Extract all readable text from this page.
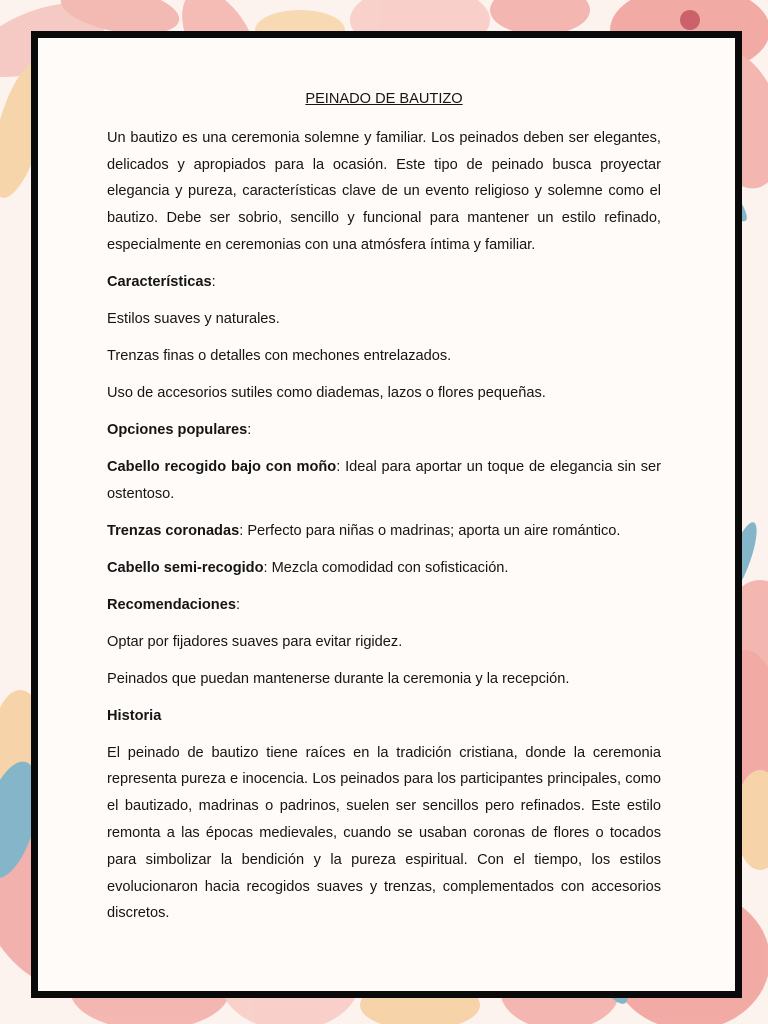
PEINADO DE BAUTIZO

Un bautizo es una ceremonia solemne y familiar. Los peinados deben ser elegantes, delicados y apropiados para la ocasión. Este tipo de peinado busca proyectar elegancia y pureza, características clave de un evento religioso y solemne como el bautizo. Debe ser sobrio, sencillo y funcional para mantener un estilo refinado, especialmente en ceremonias con una atmósfera íntima y familiar.

Características:

Estilos suaves y naturales.

Trenzas finas o detalles con mechones entrelazados.

Uso de accesorios sutiles como diademas, lazos o flores pequeñas.

Opciones populares:

Cabello recogido bajo con moño: Ideal para aportar un toque de elegancia sin ser ostentoso.

Trenzas coronadas: Perfecto para niñas o madrinas; aporta un aire romántico.

Cabello semi-recogido: Mezcla comodidad con sofisticación.

Recomendaciones:

Optar por fijadores suaves para evitar rigidez.

Peinados que puedan mantenerse durante la ceremonia y la recepción.

Historia

El peinado de bautizo tiene raíces en la tradición cristiana, donde la ceremonia representa pureza e inocencia. Los peinados para los participantes principales, como el bautizado, madrinas o padrinos, suelen ser sencillos pero refinados. Este estilo remonta a las épocas medievales, cuando se usaban coronas de flores o tocados para simbolizar la bendición y la pureza espiritual. Con el tiempo, los estilos evolucionaron hacia recogidos suaves y trenzas, complementados con accesorios discretos.
